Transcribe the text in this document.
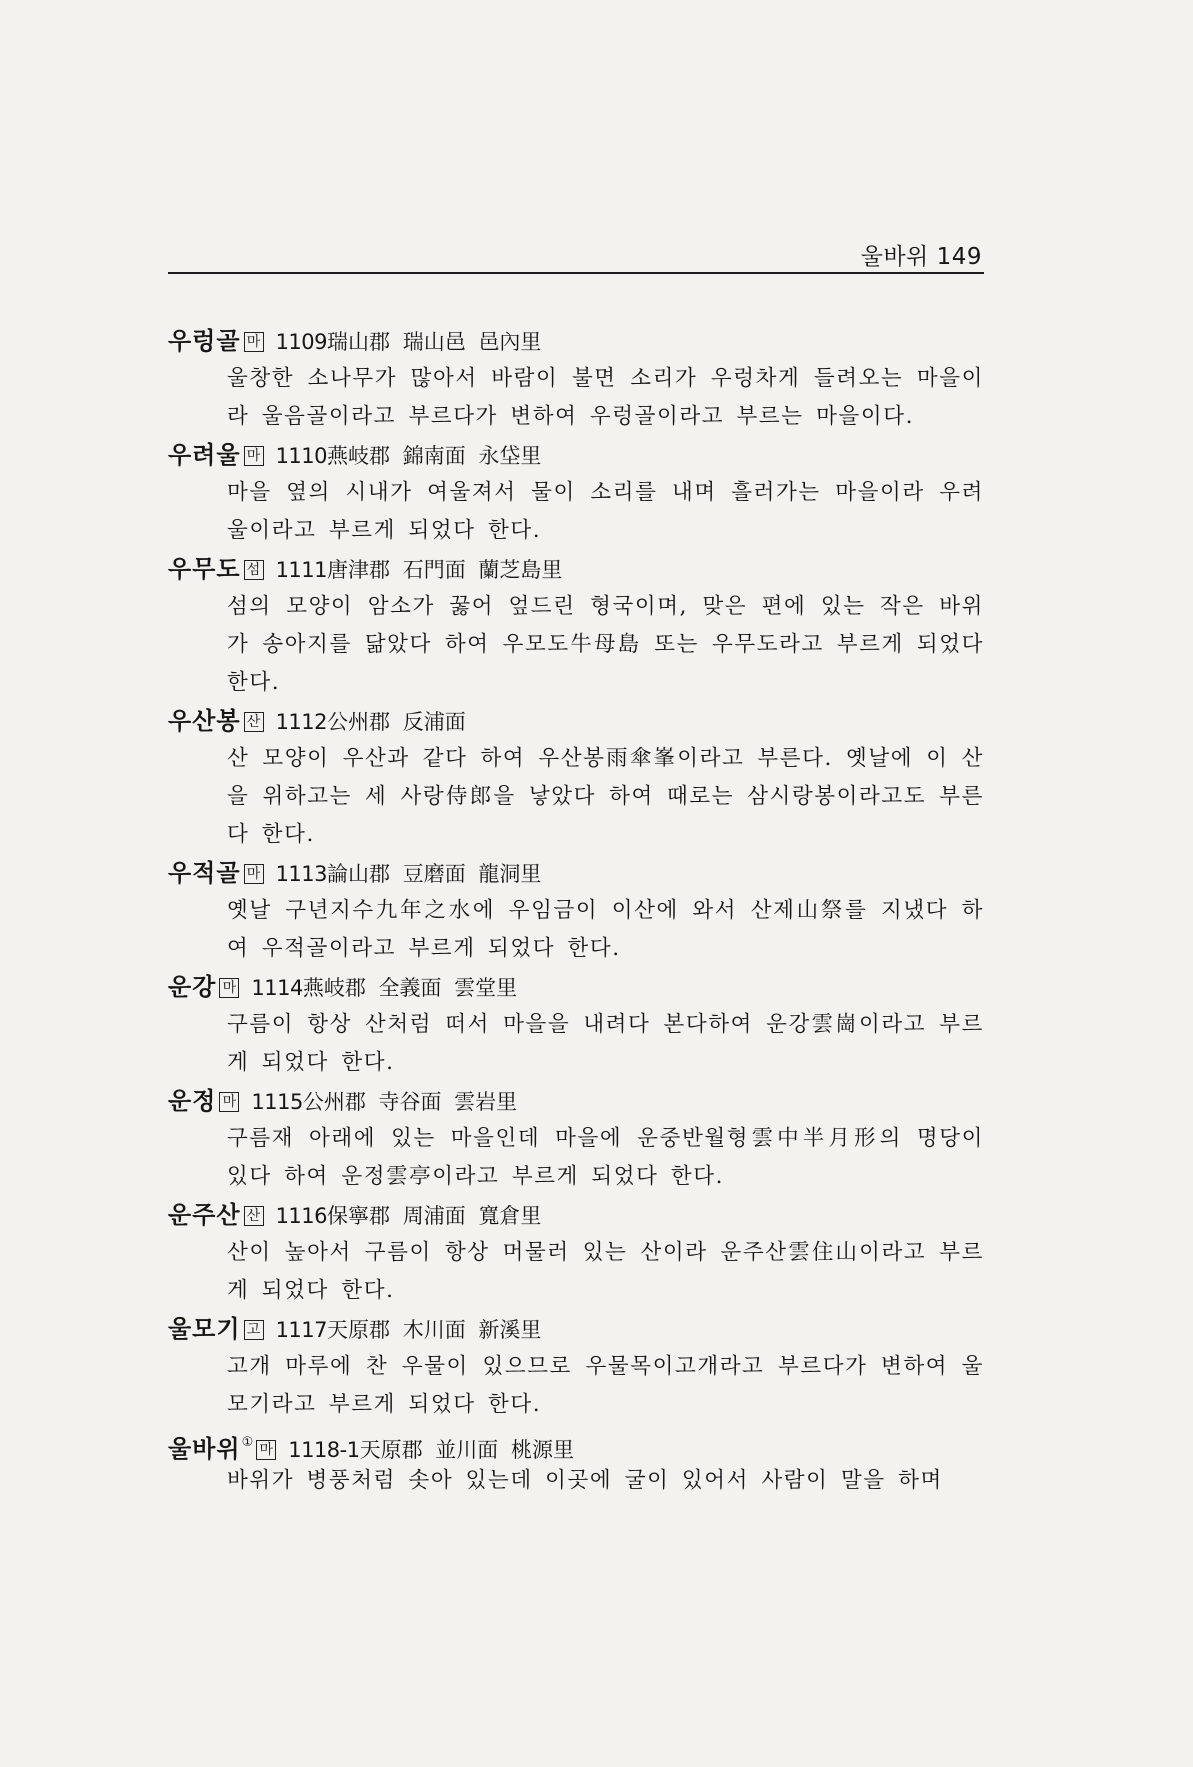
울바위 149
우렁골 마 1109瑞山郡 瑞山邑 邑內里

울창한 소나무가 많아서 바람이 불면 소리가 우렁차게 들려오는 마을이라 울음골이라고 부르다가 변하여 우렁골이라고 부르는 마을이다.

우려울 마 1110燕岐郡 錦南面 永垈里

마을 옆의 시내가 여울져서 물이 소리를 내며 흘러가는 마을이라 우려울이라고 부르게 되었다 한다.

우무도 섬 1111唐津郡 石門面 蘭芝島里

섬의 모양이 암소가 꿇어 엎드린 형국이며, 맞은 편에 있는 작은 바위가 송아지를 닮았다 하여 우모도牛母島 또는 우무도라고 부르게 되었다 한다.

우산봉 산 1112公州郡 反浦面

산 모양이 우산과 같다 하여 우산봉雨傘峯이라고 부른다. 옛날에 이 산을 위하고는 세 사랑侍郎을 낳았다 하여 때로는 삼시랑봉이라고도 부른다 한다.

우적골 마 1113論山郡 豆磨面 龍洞里

옛날 구년지수九年之水에 우임금이 이산에 와서 산제山祭를 지냈다 하여 우적골이라고 부르게 되었다 한다.

운강 마 1114燕岐郡 全義面 雲堂里

구름이 항상 산처럼 떠서 마을을 내려다 본다하여 운강雲崗이라고 부르게 되었다 한다.

운정 마 1115公州郡 寺谷面 雲岩里

구름재 아래에 있는 마을인데 마을에 운중반월형雲中半月形의 명당이 있다 하여 운정雲亭이라고 부르게 되었다 한다.

운주산 산 1116保寧郡 周浦面 寬倉里

산이 높아서 구름이 항상 머물러 있는 산이라 운주산雲住山이라고 부르게 되었다 한다.

울모기 고 1117天原郡 木川面 新溪里

고개 마루에 찬 우물이 있으므로 우물목이고개라고 부르다가 변하여 울모기라고 부르게 되었다 한다.

울바위① 마 1118-1天原郡 並川面 桃源里

바위가 병풍처럼 솟아 있는데 이곳에 굴이 있어서 사람이 말을 하며
